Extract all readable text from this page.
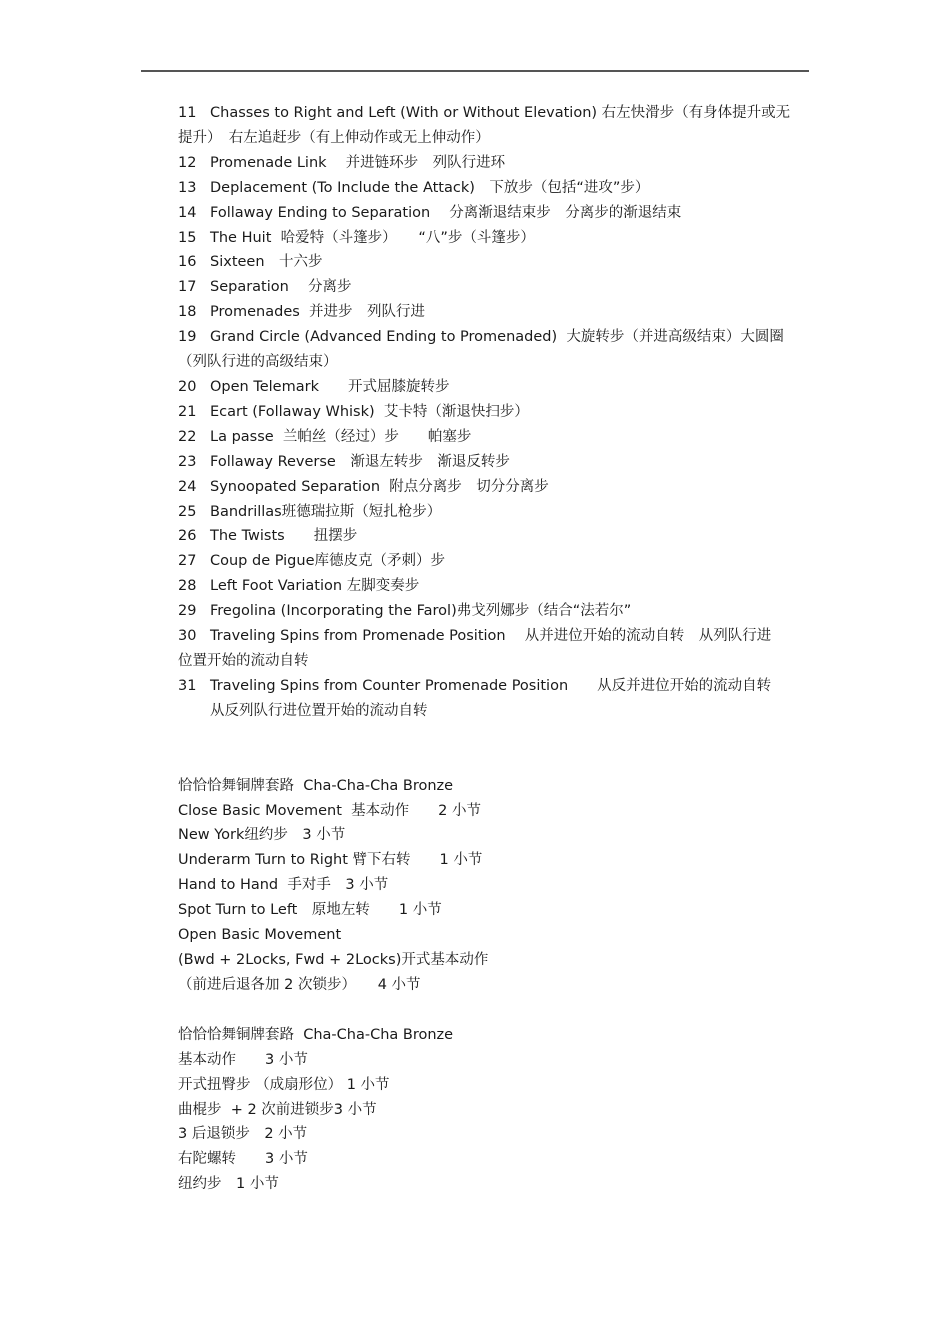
11 Chasses to Right and Left (With or Without Elevation) 右左快滑步（有身体提升或无

提升）　右左追赶步（有上伸动作或无上伸动作）

12 Promenade Link　 并进链环步　列队行进环

13 Deplacement (To Include the Attack)　下放步（包括“进攻”步）

14 Follaway Ending to Separation　 分离渐退结束步　分离步的渐退结束

15 The Huit  哈爱特（斗篷步）　　“八”步（斗篷步）

16 Sixteen　十六步

17 Separation　 分离步

18 Promenades  并进步　列队行进

19 Grand Circle (Advanced Ending to Promenaded)  大旋转步（并进高级结束）大圆圈

（列队行进的高级结束）

20 Open Telemark　　开式屈膝旋转步

21 Ecart (Follaway Whisk)  艾卡特（渐退快扫步）

22 La passe  兰帕丝（经过）步　　帕塞步

23 Follaway Reverse　渐退左转步　渐退反转步

24 Synoopated Separation  附点分离步　切分分离步

25 Bandrillas班德瑞拉斯（短扎枪步）

26 The Twists　　扭摆步

27 Coup de Pigue库德皮克（矛刺）步

28 Left Foot Variation 左脚变奏步

29 Fregolina (Incorporating the Farol)弗戈列娜步（结合“法若尔”

30 Traveling Spins from Promenade Position　 从并进位开始的流动自转　从列队行进

位置开始的流动自转

31 Traveling Spins from Counter Promenade Position　　从反并进位开始的流动自转

从反列队行进位置开始的流动自转

恰恰恰舞铜牌套路  Cha-Cha-Cha Bronze

Close Basic Movement  基本动作　　2 小节

New York纽约步　3 小节

Underarm Turn to Right 臂下右转　　1 小节

Hand to Hand  手对手　3 小节

Spot Turn to Left　原地左转　　1 小节

Open Basic Movement

(Bwd + 2Locks, Fwd + 2Locks)开式基本动作

（前进后退各加 2 次锁步）　　4 小节

恰恰恰舞铜牌套路  Cha-Cha-Cha Bronze

基本动作　　3 小节

开式扭臀步 （成扇形位） 1 小节

曲棍步  + 2 次前进锁步3 小节

3 后退锁步　2 小节

右陀螺转　　3 小节

纽约步　1 小节
